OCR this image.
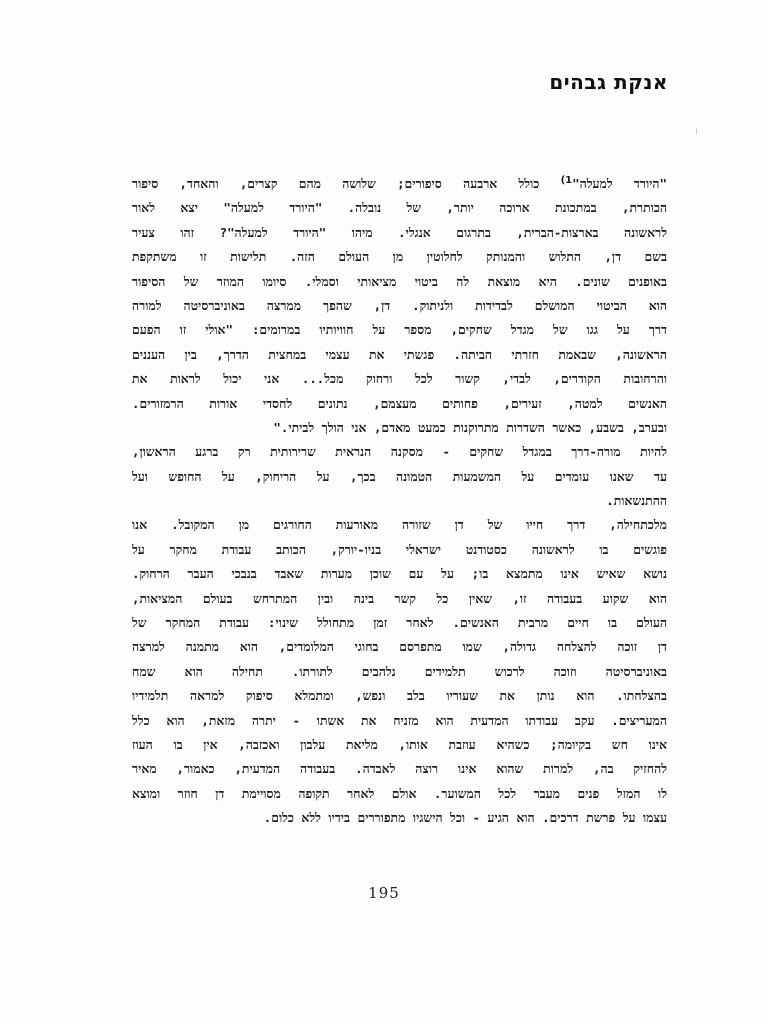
אנקת גבהים
"היורד למעלה"$^{1)}$ כולל ארבעה סיפורים; שלושה מהם קצרים, והאחד, סיפור
הכותרת, במתכונת ארוכה יותר, של נובלה. "היורד למעלה" יצא לאור
לראשונה בארצות-הברית, בתרגום אנגלי. מיהו "היורד למעלה"? זהו צעיר
בשם דן, התלוש והמנותק לחלוטין מן העולם הזה. תלישות זו משתקפת
באופנים שונים. היא מוצאת לה ביטוי מציאותי וסמלי. סיומו המוזר של הסיפור
הוא הביטוי המושלם לבדידות ולניתוק. דן, שהפך ממרצה באוניברסיטה למורה
דרך על גגו של מגדל שחקים, מספר על חוויותיו במרומים: "אולי זו הפעם
הראשונה, שבאמת חזרתי הביתה. פגשתי את עצמי במחצית הדרך, בין העננים
והרחובות הקודרים, לבדי, קשור לכל ורחוק מכל... אני יכול לראות את
האנשים למטה, זעירים, פחותים מעצמם, נתונים לחסדי אורות הרמזורים.
ובערב, בשבע, כאשר השדרות מתרוקנות כמעט מאדם, אני הולך לביתי."
להיות מורה-דרך במגדל שחקים - מסקנה הנראית שרירותית רק ברגע הראשון,
עד שאנו עומדים על המשמעות הטמונה בכך, על הריחוק, על החופש ועל
ההתנשאות.
מלכתחילה, דרך חייו של דן שזורה מאורעות החורגים מן המקובל. אנו
פוגשים בו לראשונה כסטודנט ישראלי בניו-יורק, הכותב עבודת מחקר על
נושא שאיש אינו מתמצא בו; על עם שוכן מערות שאבד בנבכי העבר הרחוק.
הוא שקוע בעבודה זו, שאין כל קשר בינה ובין המתרחש בעולם המציאות,
העולם בו חיים מרבית האנשים. לאחר זמן מתחולל שינוי: עבודת המחקר של
דן זוכה להצלחה גדולה, שמו מתפרסם בחוגי המלומדים, הוא מתמנה למרצה
באוניברסיטה וזוכה לרכוש תלמידים נלהבים לתורתו. תחילה הוא שמח
בהצלחתו. הוא נותן את שעוריו בלב ונפש, ומתמלא סיפוק למראה תלמידיו
המעריצים. עקב עבודתו המדעית הוא מזניח את אשתו - יתרה מזאת, הוא כלל
אינו חש בקיומה; כשהיא עוזבת אותו, מליאת עלבון ואכזבה, אין בו העוז
להחזיק בה, למרות שהוא אינו רוצה לאבדה. בעבודה המדעית, כאמור, מאיר
לו המזל פנים מעבר לכל המשוער. אולם לאחר תקופה מסויימת דן חוזר ומוצא
עצמו על פרשת דרכים. הוא הגיע - וכל הישגיו מתפוררים בידיו ללא כלום.
195
